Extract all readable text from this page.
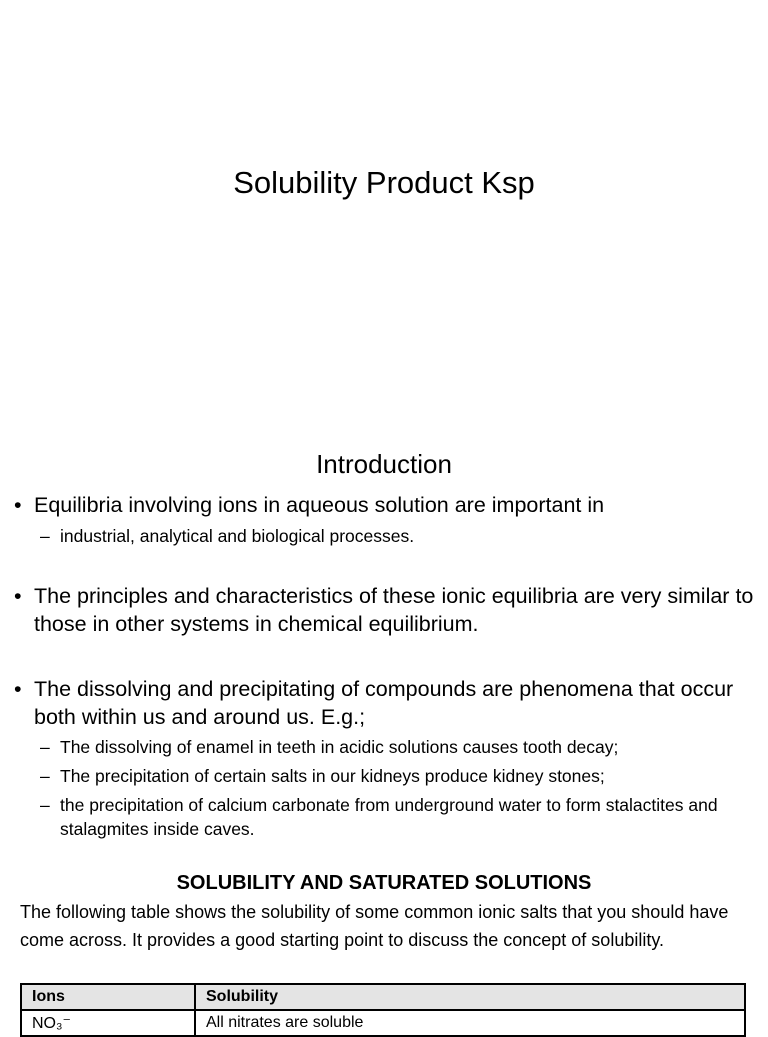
Solubility Product Ksp
Introduction
• Equilibria involving ions in aqueous solution are important in
– industrial, analytical and biological processes.
• The principles and characteristics of these ionic equilibria are very similar to those in other systems in chemical equilibrium.
• The dissolving and precipitating of compounds are phenomena that occur both within us and around us. E.g.;
– The dissolving of enamel in teeth in acidic solutions causes tooth decay;
– The precipitation of certain salts in our kidneys produce kidney stones;
– the precipitation of calcium carbonate from underground water to form stalactites and stalagmites inside caves.
SOLUBILITY AND SATURATED SOLUTIONS
The following table shows the solubility of some common ionic salts that you should have come across. It provides a good starting point to discuss the concept of solubility.
Ions	Solubility
NO₃⁻	All nitrates are soluble
